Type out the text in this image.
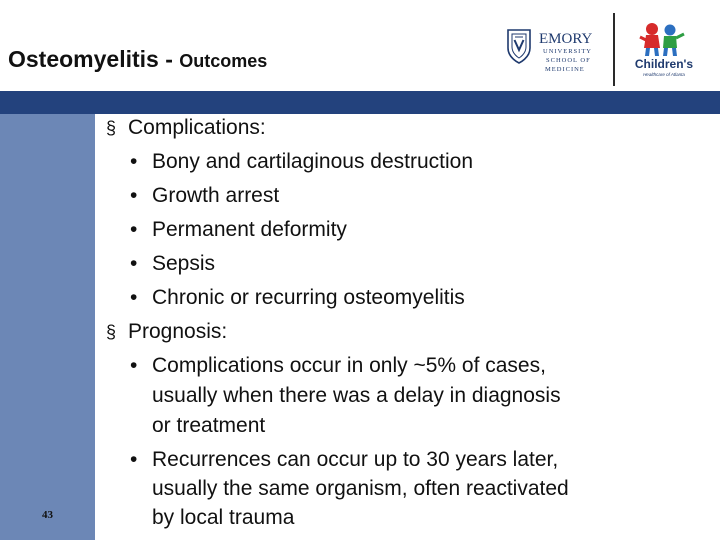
Osteomyelitis - Outcomes
EMORY
UNIVERSITY
SCHOOL OF
MEDICINE	Children's
Healthcare of Atlanta
43
§ Complications:
• Bony and cartilaginous destruction
• Growth arrest
• Permanent deformity
• Sepsis
• Chronic or recurring osteomyelitis
§ Prognosis:
• Complications occur in only ~5% of cases,
usually when there was a delay in diagnosis
or treatment
• Recurrences can occur up to 30 years later,
usually the same organism, often reactivated
by local trauma
